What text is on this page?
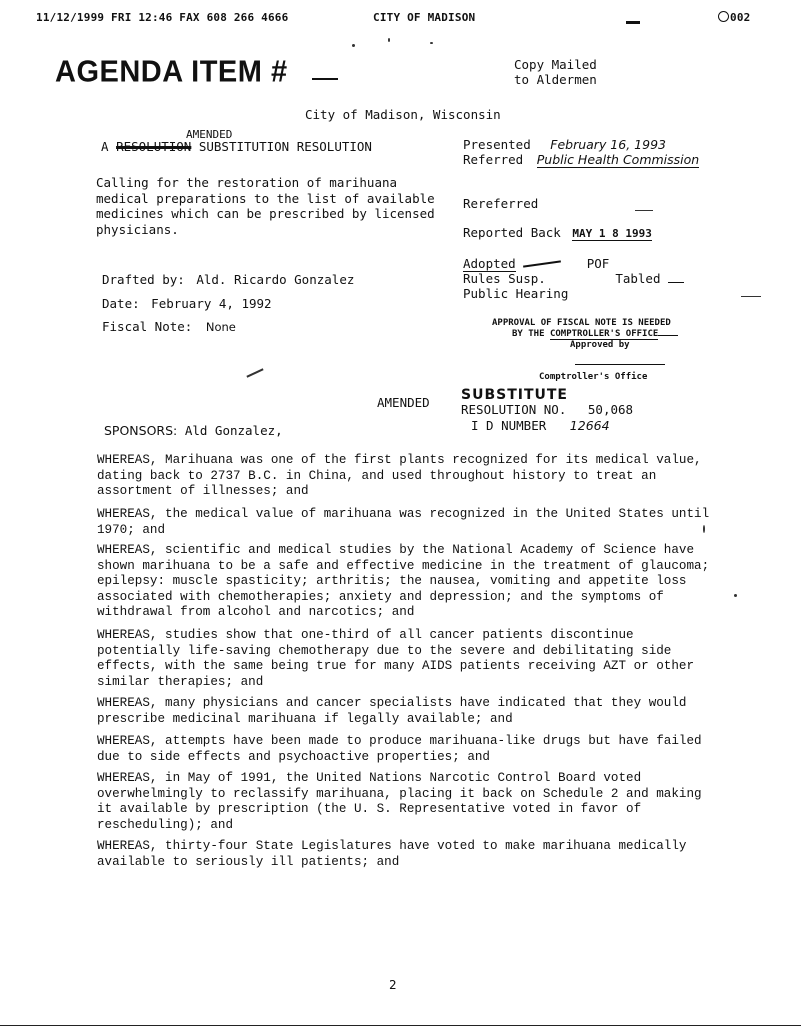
11/12/1999 FRI 12:46 FAX 608 266 4666	CITY OF MADISON	002
AGENDA ITEM #	Copy Mailed
to Aldermen
City of Madison, Wisconsin
AMENDED
A RESOLUTION SUBSTITUTION RESOLUTION
Calling for the restoration of marihuana
medical preparations to the list of available
medicines which can be prescribed by licensed
physicians.
Presented February 16, 1993
Referred Public Health Commission
Rereferred
Reported Back MAY 1 8 1993
Adopted	POF
Rules Susp.	Tabled
Public Hearing
Drafted by: Ald. Ricardo Gonzalez
Date: February 4, 1992
Fiscal Note: None	APPROVAL OF FISCAL NOTE IS NEEDED
BY THE COMPTROLLER'S OFFICE
Approved by
Comptroller's Office
AMENDED SUBSTITUTE
RESOLUTION NO. 50,068
I D NUMBER 12664
SPONSORS: Ald Gonzalez,
WHEREAS, Marihuana was one of the first plants recognized for its medical value,
dating back to 2737 B.C. in China, and used throughout history to treat an
assortment of illnesses; and
WHEREAS, the medical value of marihuana was recognized in the United States until
1970; and
WHEREAS, scientific and medical studies by the National Academy of Science have
shown marihuana to be a safe and effective medicine in the treatment of glaucoma;
epilepsy: muscle spasticity; arthritis; the nausea, vomiting and appetite loss
associated with chemotherapies; anxiety and depression; and the symptoms of
withdrawal from alcohol and narcotics; and
WHEREAS, studies show that one-third of all cancer patients discontinue
potentially life-saving chemotherapy due to the severe and debilitating side
effects, with the same being true for many AIDS patients receiving AZT or other
similar therapies; and
WHEREAS, many physicians and cancer specialists have indicated that they would
prescribe medicinal marihuana if legally available; and
WHEREAS, attempts have been made to produce marihuana-like drugs but have failed
due to side effects and psychoactive properties; and
WHEREAS, in May of 1991, the United Nations Narcotic Control Board voted
overwhelmingly to reclassify marihuana, placing it back on Schedule 2 and making
it available by prescription (the U. S. Representative voted in favor of
rescheduling); and
WHEREAS, thirty-four State Legislatures have voted to make marihuana medically
available to seriously ill patients; and
2
